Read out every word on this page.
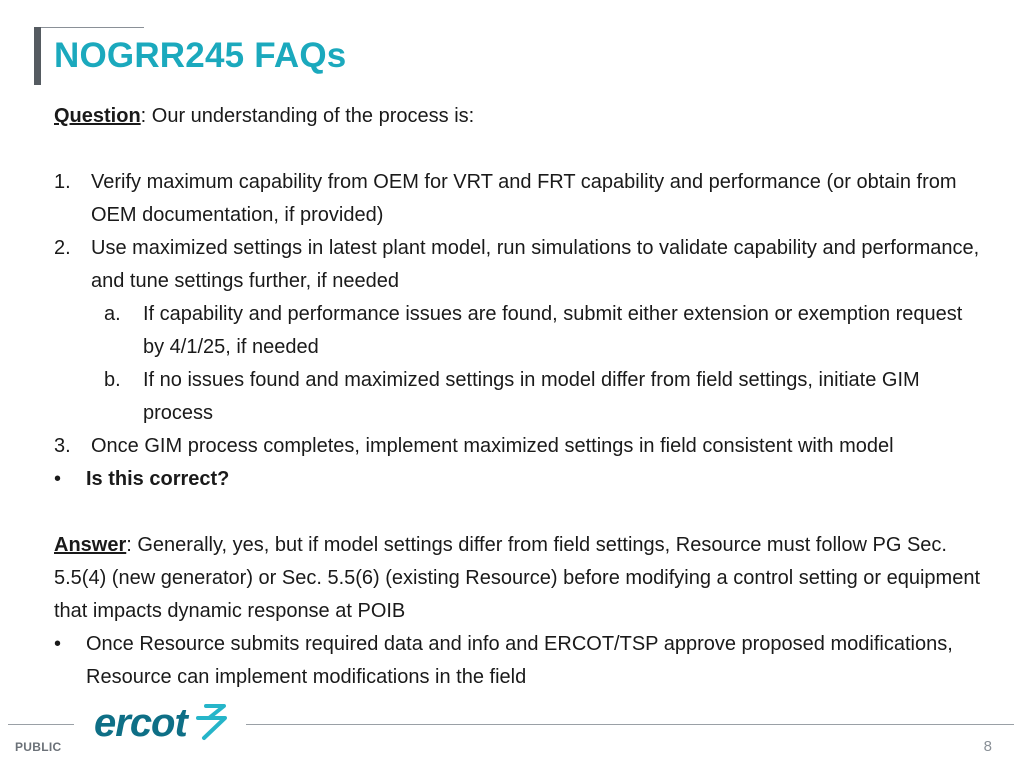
NOGRR245 FAQs

Question: Our understanding of the process is:

1.	Verify maximum capability from OEM for VRT and FRT capability and performance (or obtain from OEM documentation, if provided)
2.	Use maximized settings in latest plant model, run simulations to validate capability and performance, and tune settings further, if needed
a.	If capability and performance issues are found, submit either extension or exemption request by 4/1/25, if needed
b.	If no issues found and maximized settings in model differ from field settings, initiate GIM process
3.	Once GIM process completes, implement maximized settings in field consistent with model
•	Is this correct?

Answer: Generally, yes, but if model settings differ from field settings, Resource must follow PG Sec. 5.5(4) (new generator) or Sec. 5.5(6) (existing Resource) before modifying a control setting or equipment that impacts dynamic response at POIB

•	Once Resource submits required data and info and ERCOT/TSP approve proposed modifications, Resource can implement modifications in the field
ercot
PUBLIC	8
